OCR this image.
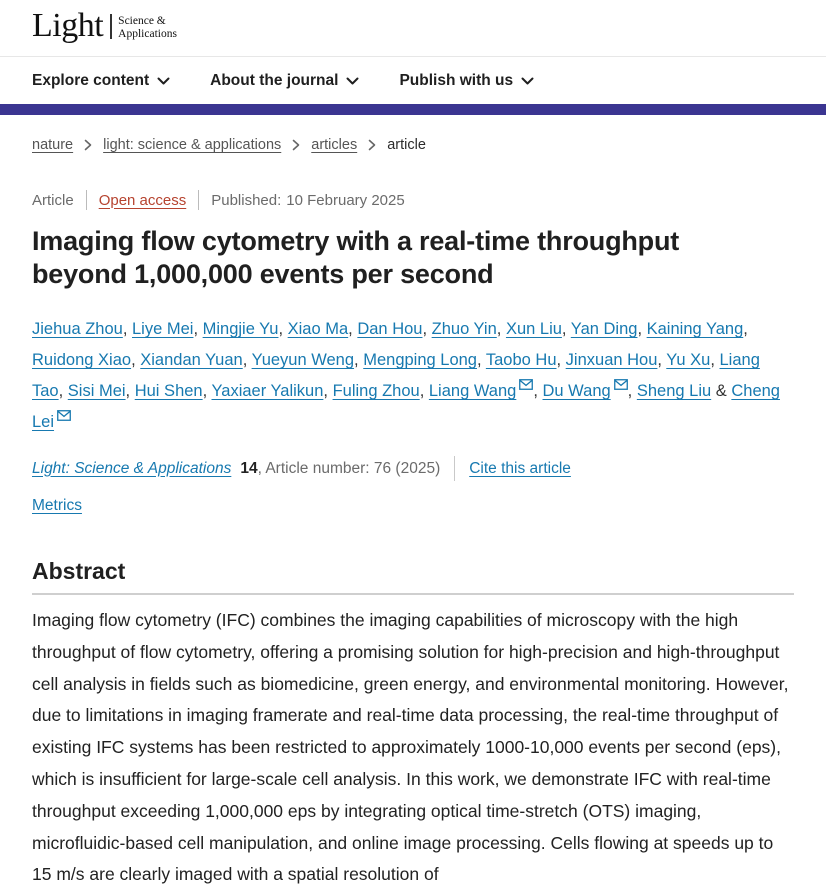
Light Science &
Applications
Explore content	About the journal	Publish with us
nature light: science & applications articles article
Article Open access Published: 10 February 2025
Imaging flow cytometry with a real-time throughput beyond 1,000,000 events per second

Jiehua Zhou, Liye Mei, Mingjie Yu, Xiao Ma, Dan Hou, Zhuo Yin, Xun Liu, Yan Ding, Kaining Yang, Ruidong Xiao, Xiandan Yuan, Yueyun Weng, Mengping Long, Taobo Hu, Jinxuan Hou, Yu Xu, Liang Tao, Sisi Mei, Hui Shen, Yaxiaer Yalikun, Fuling Zhou, Liang Wang , Du Wang , Sheng Liu & Cheng Lei

Light: Science & Applications 14 , Article number: 76 (2025) Cite this article
Metrics
Abstract

Imaging flow cytometry (IFC) combines the imaging capabilities of microscopy with the high throughput of flow cytometry, offering a promising solution for high-precision and high-throughput cell analysis in fields such as biomedicine, green energy, and environmental monitoring. However, due to limitations in imaging framerate and real-time data processing, the real-time throughput of existing IFC systems has been restricted to approximately 1000-10,000 events per second (eps), which is insufficient for large-scale cell analysis. In this work, we demonstrate IFC with real-time throughput exceeding 1,000,000 eps by integrating optical time-stretch (OTS) imaging, microfluidic-based cell manipulation, and online image processing. Cells flowing at speeds up to 15 m/s are clearly imaged with a spatial resolution of
